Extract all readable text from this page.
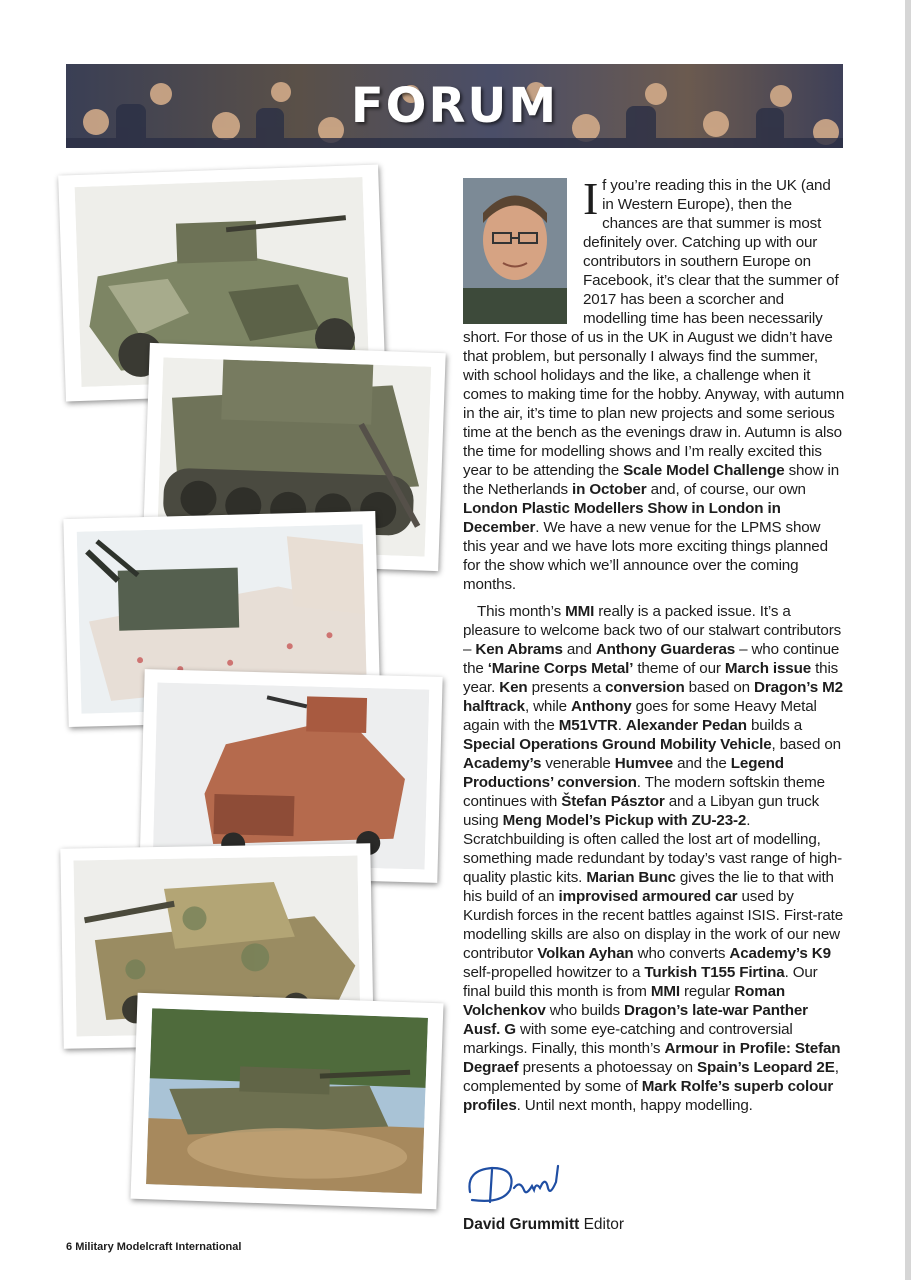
FORUM

If you’re reading this in the UK (and in Western Europe), then the chances are that summer is most definitely over. Catching up with our contributors in southern Europe on Facebook, it’s clear that the summer of 2017 has been a scorcher and modelling time has been necessarily short. For those of us in the UK in August we didn’t have that problem, but personally I always find the summer, with school holidays and the like, a challenge when it comes to making time for the hobby. Anyway, with autumn in the air, it’s time to plan new projects and some serious time at the bench as the evenings draw in. Autumn is also the time for modelling shows and I’m really excited this year to be attending the Scale Model Challenge show in the Netherlands in October and, of course, our own London Plastic Modellers Show in London in December. We have a new venue for the LPMS show this year and we have lots more exciting things planned for the show which we’ll announce over the coming months.

This month’s MMI really is a packed issue. It’s a pleasure to welcome back two of our stalwart contributors – Ken Abrams and Anthony Guarderas – who continue the ‘Marine Corps Metal’ theme of our March issue this year. Ken presents a conversion based on Dragon’s M2 halftrack, while Anthony goes for some Heavy Metal again with the M51VTR. Alexander Pedan builds a Special Operations Ground Mobility Vehicle, based on Academy’s venerable Humvee and the Legend Productions’ conversion. The modern softskin theme continues with Štefan Pásztor and a Libyan gun truck using Meng Model’s Pickup with ZU-23-2. Scratchbuilding is often called the lost art of modelling, something made redundant by today’s vast range of high-quality plastic kits. Marian Bunc gives the lie to that with his build of an improvised armoured car used by Kurdish forces in the recent battles against ISIS. First-rate modelling skills are also on display in the work of our new contributor Volkan Ayhan who converts Academy’s K9 self-propelled howitzer to a Turkish T155 Firtina. Our final build this month is from MMI regular Roman Volchenkov who builds Dragon’s late-war Panther Ausf. G with some eye-catching and controversial markings. Finally, this month’s Armour in Profile: Stefan Degraef presents a photoessay on Spain’s Leopard 2E, complemented by some of Mark Rolfe’s superb colour profiles. Until next month, happy modelling.

David Grummitt Editor
6 Military Modelcraft International
